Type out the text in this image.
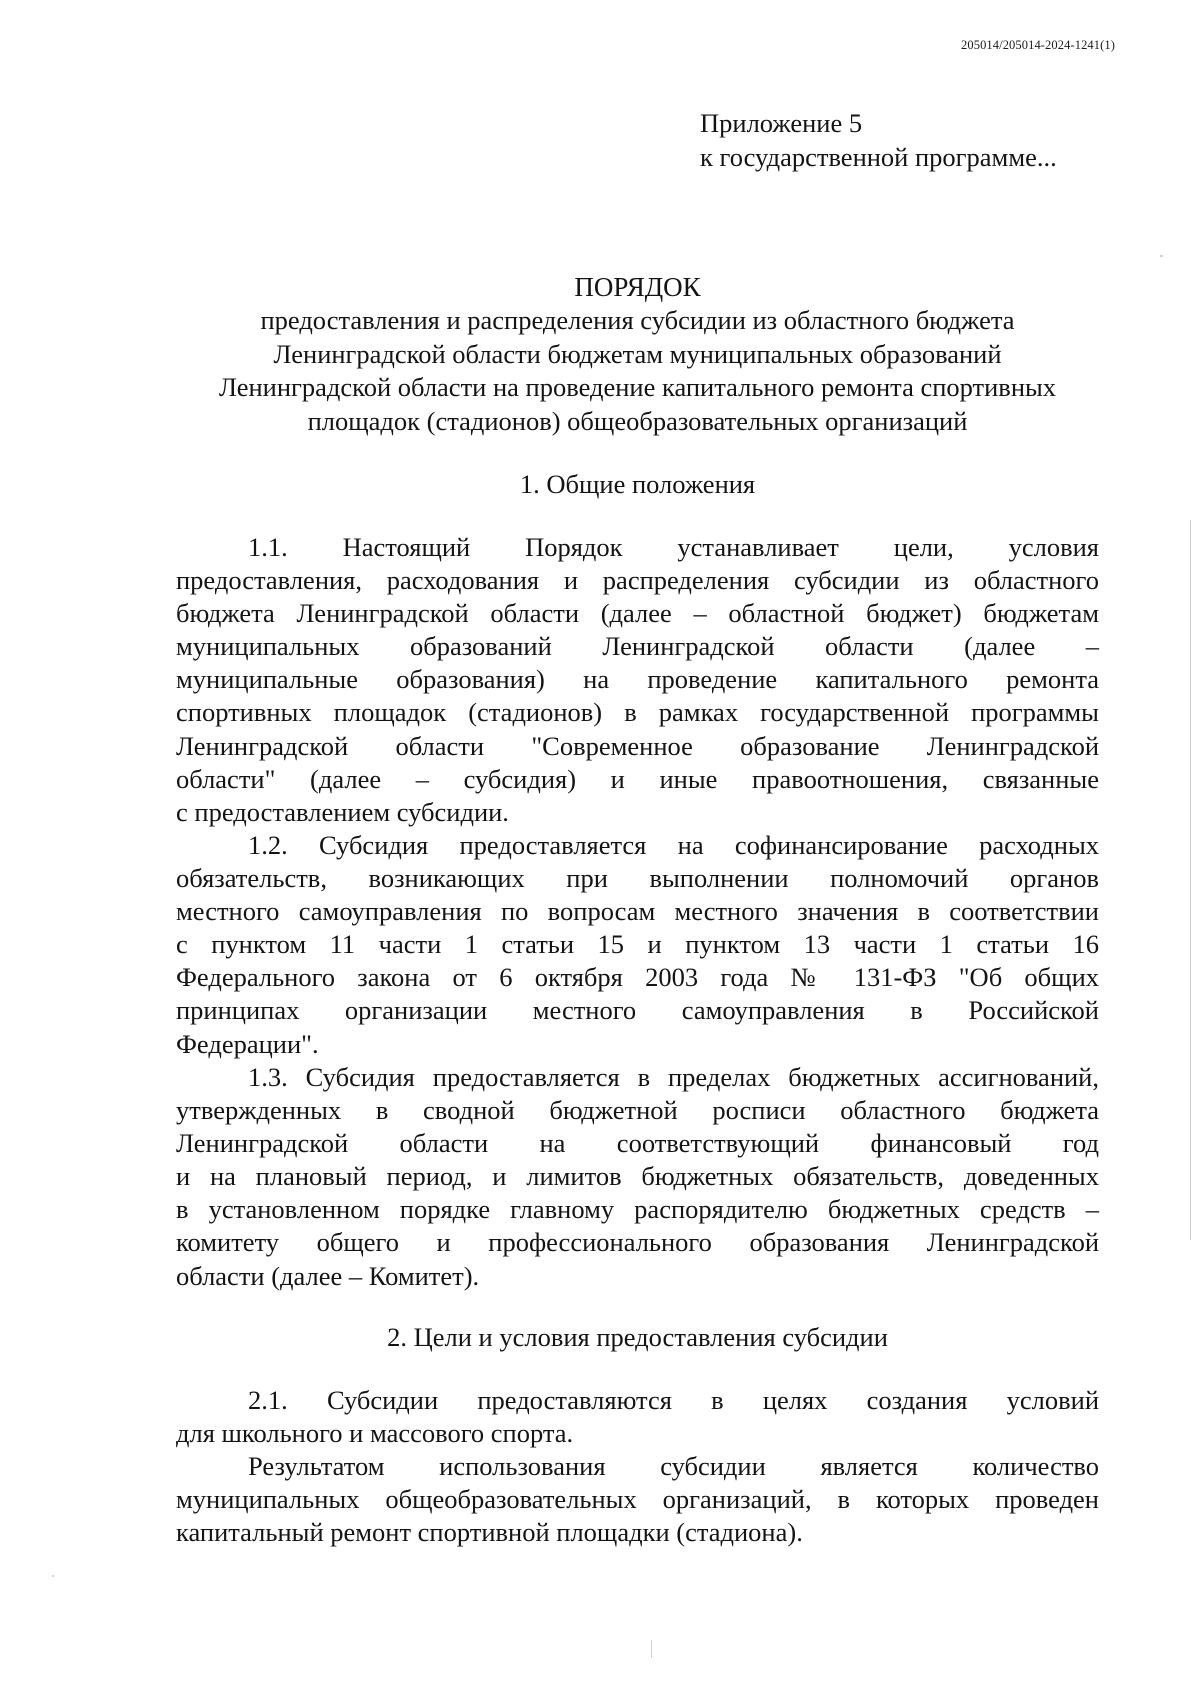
205014/205014-2024-1241(1)
Приложение 5
к государственной программе...
ПОРЯДОК
предоставления и распределения субсидии из областного бюджета
Ленинградской области бюджетам муниципальных образований
Ленинградской области на проведение капитального ремонта спортивных
площадок (стадионов) общеобразовательных организаций
1. Общие положения
1.1. Настоящий Порядок устанавливает цели, условия
предоставления, расходования и распределения субсидии из областного
бюджета Ленинградской области (далее – областной бюджет) бюджетам
муниципальных образований Ленинградской области (далее –
муниципальные образования) на проведение капитального ремонта
спортивных площадок (стадионов) в рамках государственной программы
Ленинградской области "Современное образование Ленинградской
области" (далее – субсидия) и иные правоотношения, связанные
с предоставлением субсидии.
1.2. Субсидия предоставляется на софинансирование расходных
обязательств, возникающих при выполнении полномочий органов
местного самоуправления по вопросам местного значения в соответствии
с пунктом 11 части 1 статьи 15 и пунктом 13 части 1 статьи 16
Федерального закона от 6 октября 2003 года № 131-ФЗ "Об общих
принципах организации местного самоуправления в Российской
Федерации".
1.3. Субсидия предоставляется в пределах бюджетных ассигнований,
утвержденных в сводной бюджетной росписи областного бюджета
Ленинградской области на соответствующий финансовый год
и на плановый период, и лимитов бюджетных обязательств, доведенных
в установленном порядке главному распорядителю бюджетных средств –
комитету общего и профессионального образования Ленинградской
области (далее – Комитет).
2. Цели и условия предоставления субсидии
2.1. Субсидии предоставляются в целях создания условий
для школьного и массового спорта.
Результатом использования субсидии является количество
муниципальных общеобразовательных организаций, в которых проведен
капитальный ремонт спортивной площадки (стадиона).
